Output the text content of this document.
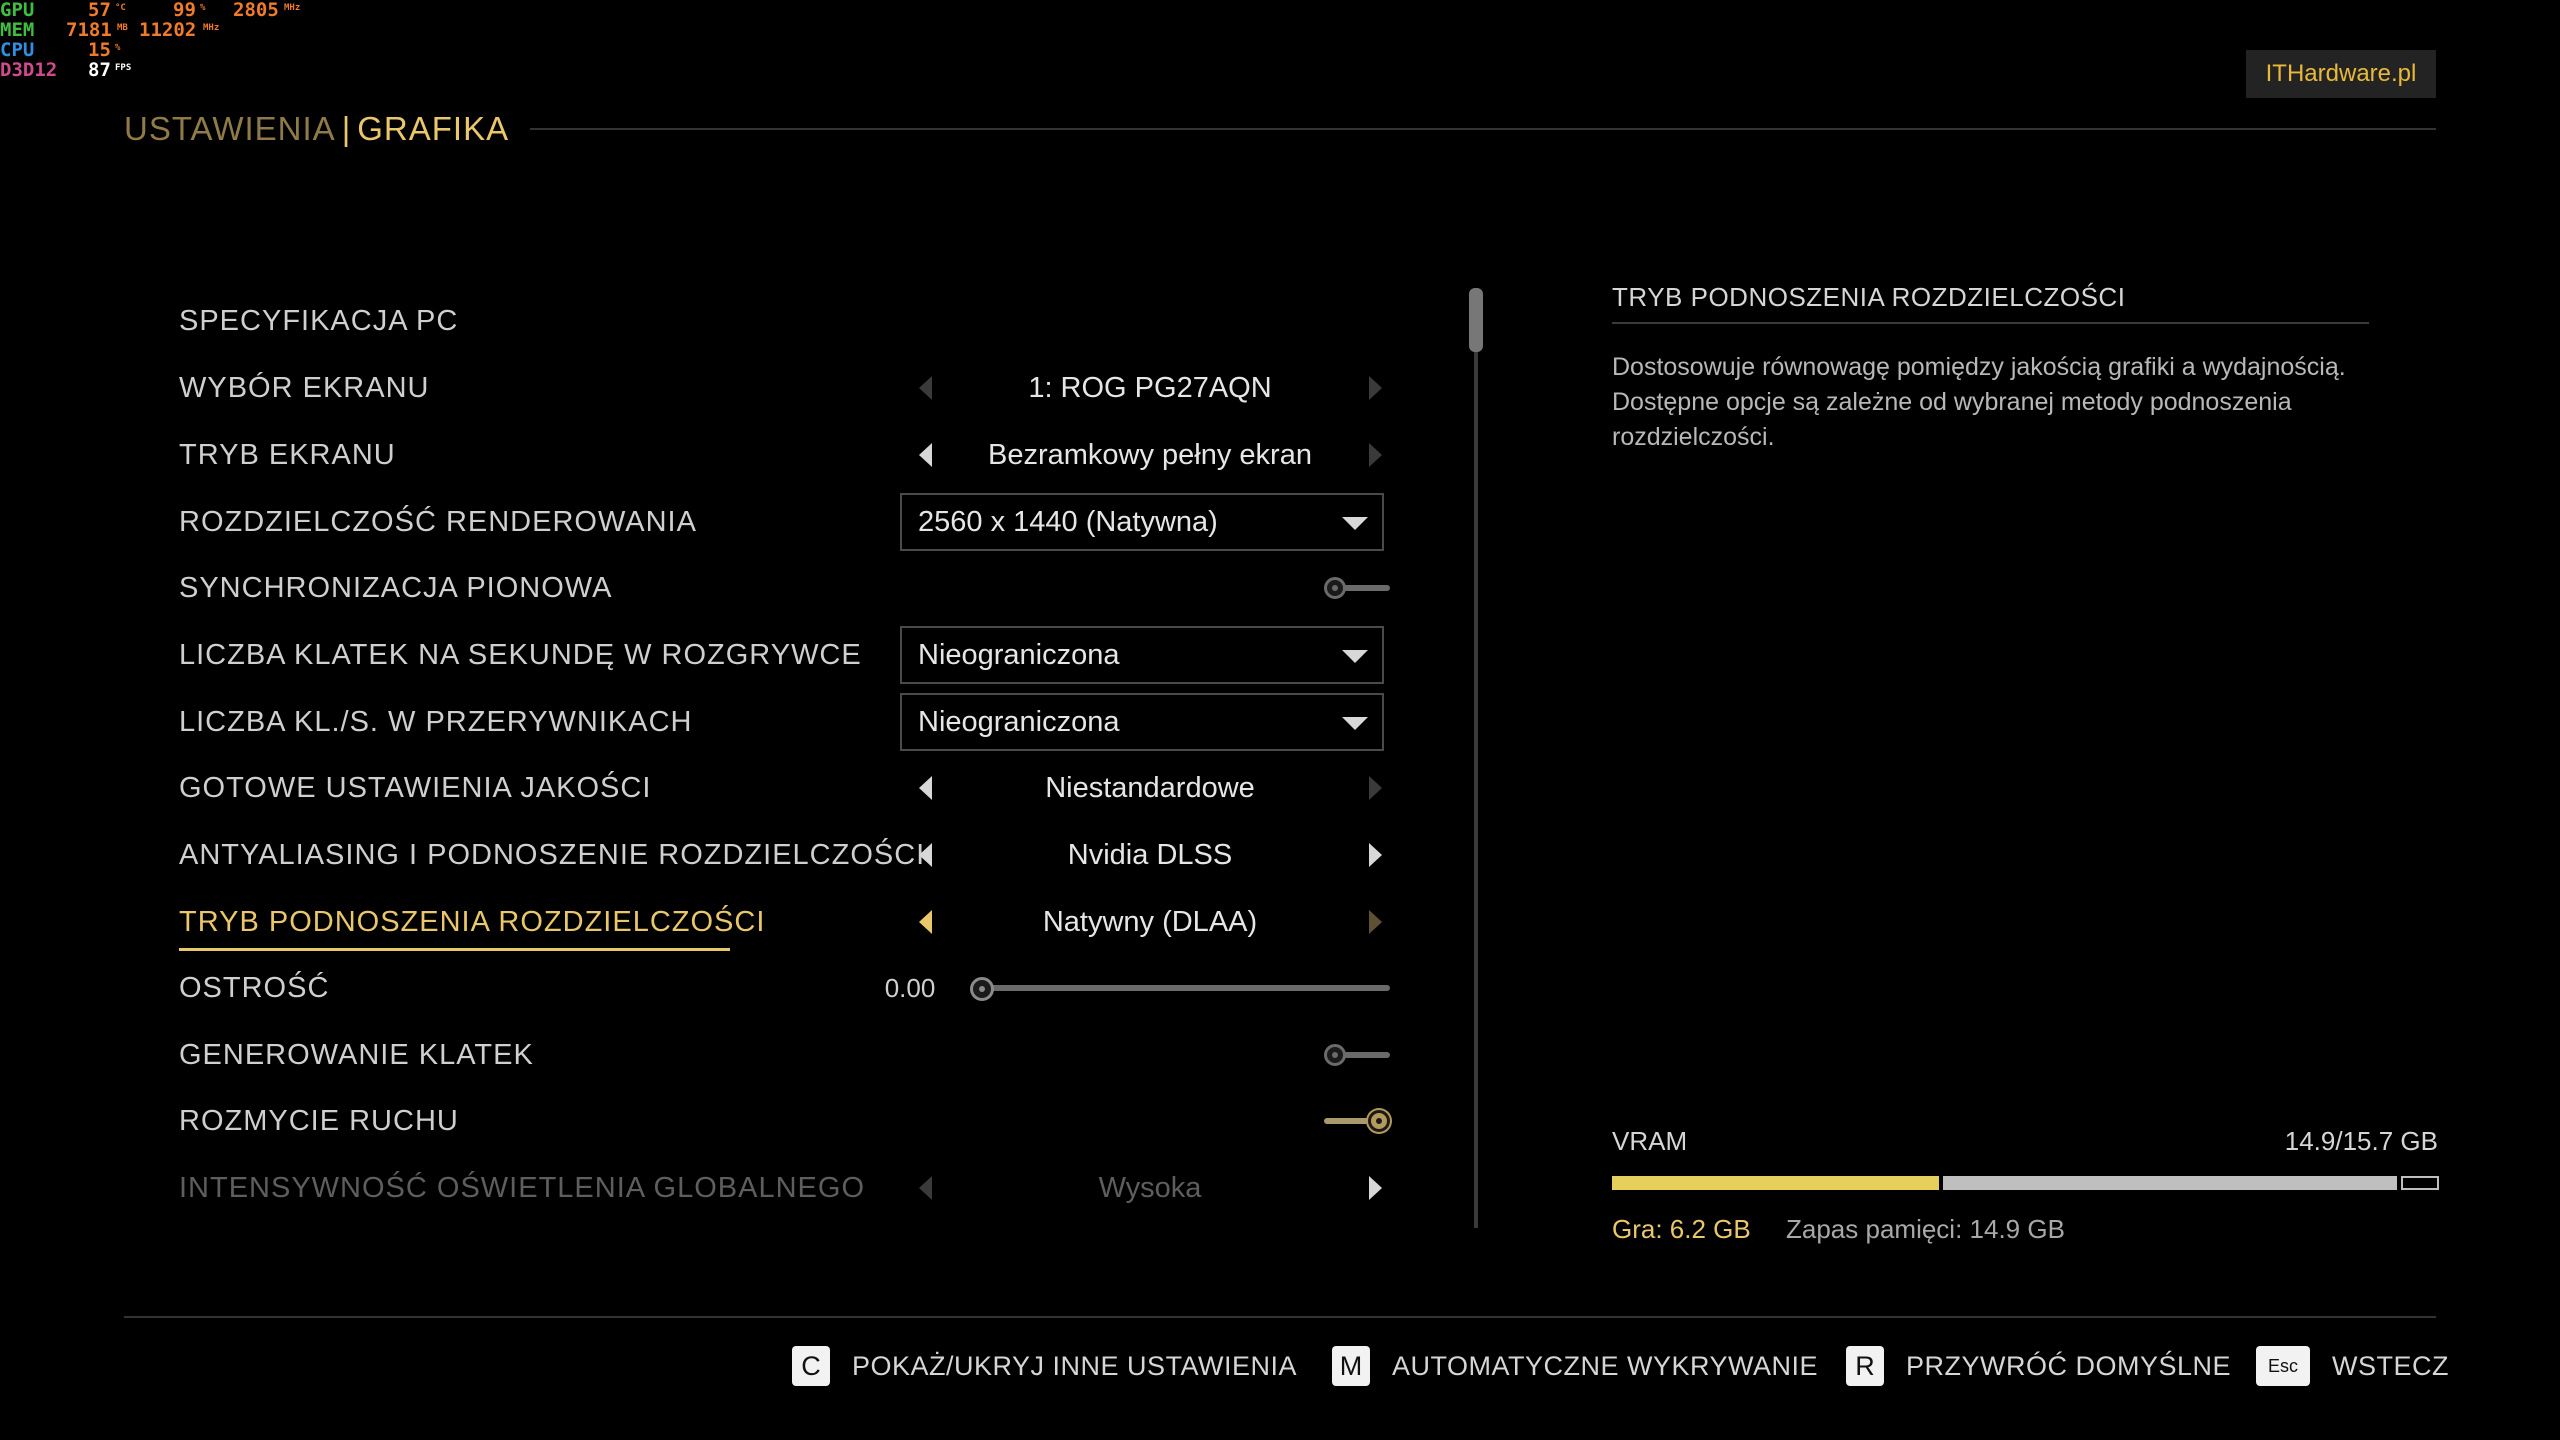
GPU	57 °C 99 % 2805 MHz
MEM 7181 MB 11202 MHz
CPU	15 %
D3D12 87 FPS	ITHardware.pl
USTAWIENIA | GRAFIKA
SPECYFIKACJA PC
WYBÓR EKRANU	1: ROG PG27AQN
TRYB EKRANU	Bezramkowy pełny ekran
ROZDZIELCZOŚĆ RENDEROWANIA	2560 x 1440 (Natywna)
SYNCHRONIZACJA PIONOWA
LICZBA KLATEK NA SEKUNDĘ W ROZGRYWCE Nieograniczona
LICZBA KL./S. W PRZERYWNIKACH	Nieograniczona
GOTOWE USTAWIENIA JAKOŚCI	Niestandardowe
ANTYALIASING I PODNOSZENIE ROZDZIELCZOŚCI	Nvidia DLSS
TRYB PODNOSZENIA ROZDZIELCZOŚCI	Natywny (DLAA)
OSTROŚĆ	0.00
GENEROWANIE KLATEK
ROZMYCIE RUCHU
INTENSYWNOŚĆ OŚWIETLENIA GLOBALNEGO	Wysoka
TRYB PODNOSZENIA ROZDZIELCZOŚCI
Dostosowuje równowagę pomiędzy jakością grafiki a wydajnością. Dostępne opcje są zależne od wybranej metody podnoszenia rozdzielczości.
VRAM	14.9/15.7 GB
Gra: 6.2 GB Zapas pamięci: 14.9 GB
C	POKAŻ/UKRYJ INNE USTAWIENIA M AUTOMATYCZNE WYKRYWANIE	R	PRZYWRÓĆ DOMYŚLNE	Esc	WSTECZ
